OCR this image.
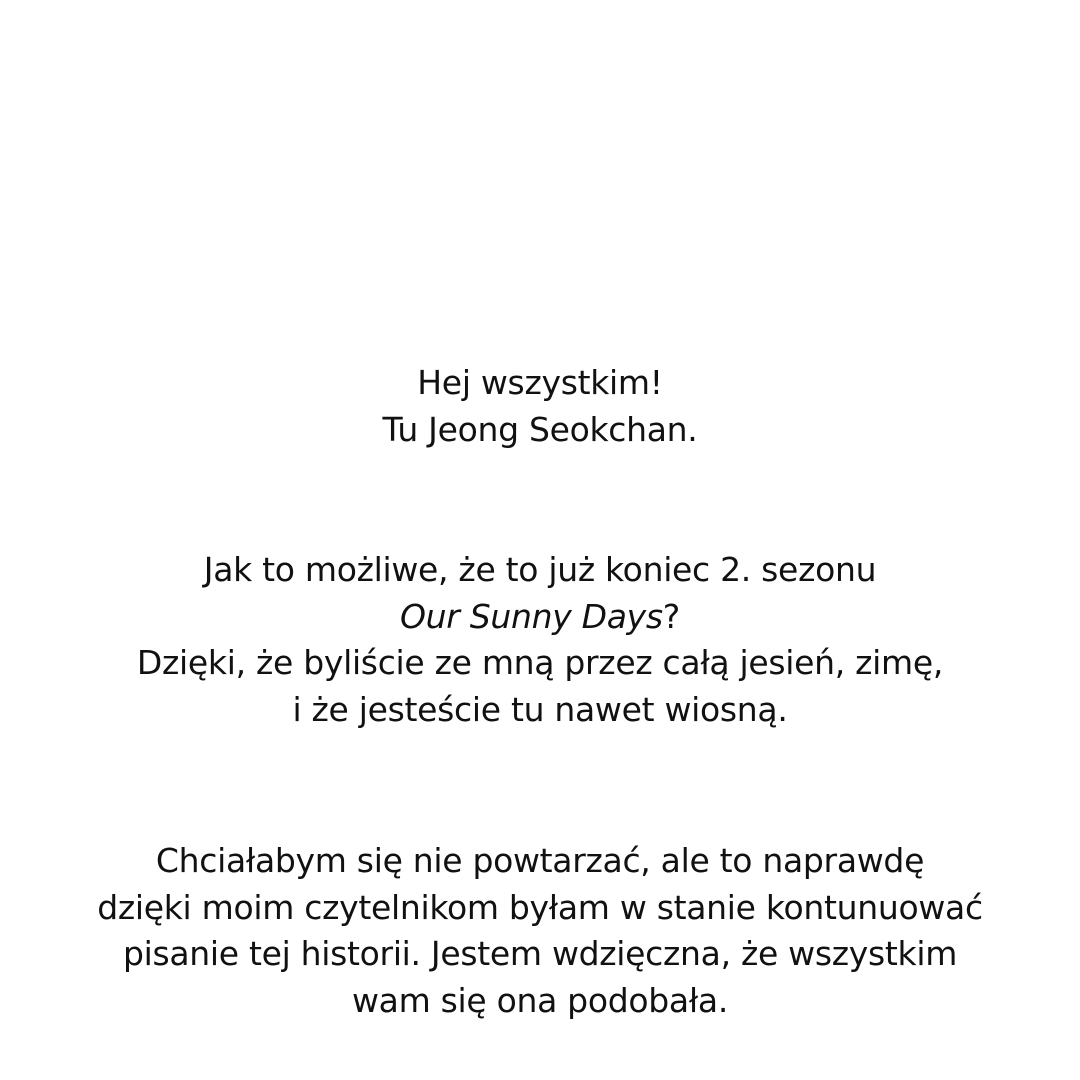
Hej wszystkim!
Tu Jeong Seokchan.
Jak to możliwe, że to już koniec 2. sezonu
Our Sunny Days?
Dzięki, że byliście ze mną przez całą jesień, zimę,
i że jesteście tu nawet wiosną.
Chciałabym się nie powtarzać, ale to naprawdę
dzięki moim czytelnikom byłam w stanie kontunuować
pisanie tej historii. Jestem wdzięczna, że wszystkim
wam się ona podobała.
